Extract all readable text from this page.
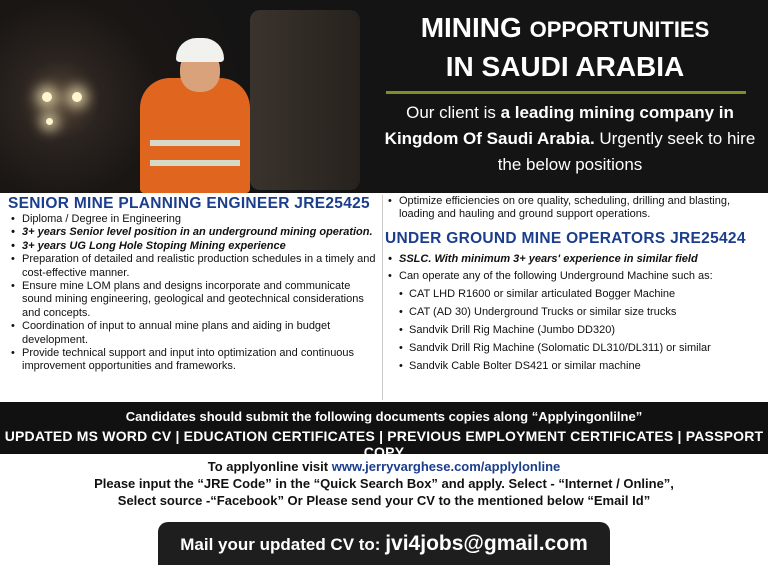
MINING OPPORTUNITIES
IN SAUDI ARABIA
Our client is a leading mining company in Kingdom Of Saudi Arabia. Urgently seek to hire the below positions
SENIOR MINE PLANNING ENGINEER JRE25425
• Diploma / Degree in Engineering
• 3+ years Senior level position in an underground mining operation.
• 3+ years UG Long Hole Stoping Mining experience
• Preparation of detailed and realistic production schedules in a timely and cost-effective manner.
• Ensure mine LOM plans and designs incorporate and communicate sound mining engineering, geological and geotechnical considerations and concepts.
• Coordination of input to annual mine plans and aiding in budget development.
• Provide technical support and input into optimization and continuous improvement opportunities and frameworks.
• Optimize efficiencies on ore quality, scheduling, drilling and blasting, loading and hauling and ground support operations.
UNDER GROUND MINE OPERATORS JRE25424
• SSLC. With minimum 3+ years' experience in similar field
• Can operate any of the following Underground Machine such as:
• CAT LHD R1600 or similar articulated Bogger Machine
• CAT (AD 30) Underground Trucks or similar size trucks
• Sandvik Drill Rig Machine (Jumbo DD320)
• Sandvik Drill Rig Machine (Solomatic DL310/DL311) or similar
• Sandvik Cable Bolter DS421 or similar machine
Candidates should submit the following documents copies along “Applyingonlilne”
UPDATED MS WORD CV | EDUCATION CERTIFICATES | PREVIOUS EMPLOYMENT CERTIFICATES | PASSPORT COPY
To applyonline visit www.jerryvarghese.com/applylonline
Please input the “JRE Code” in the “Quick Search Box” and apply. Select - “Internet / Online”,
Select source -“Facebook” Or Please send your CV to the mentioned below “Email Id”
Mail your updated CV to: jvi4jobs@gmail.com
